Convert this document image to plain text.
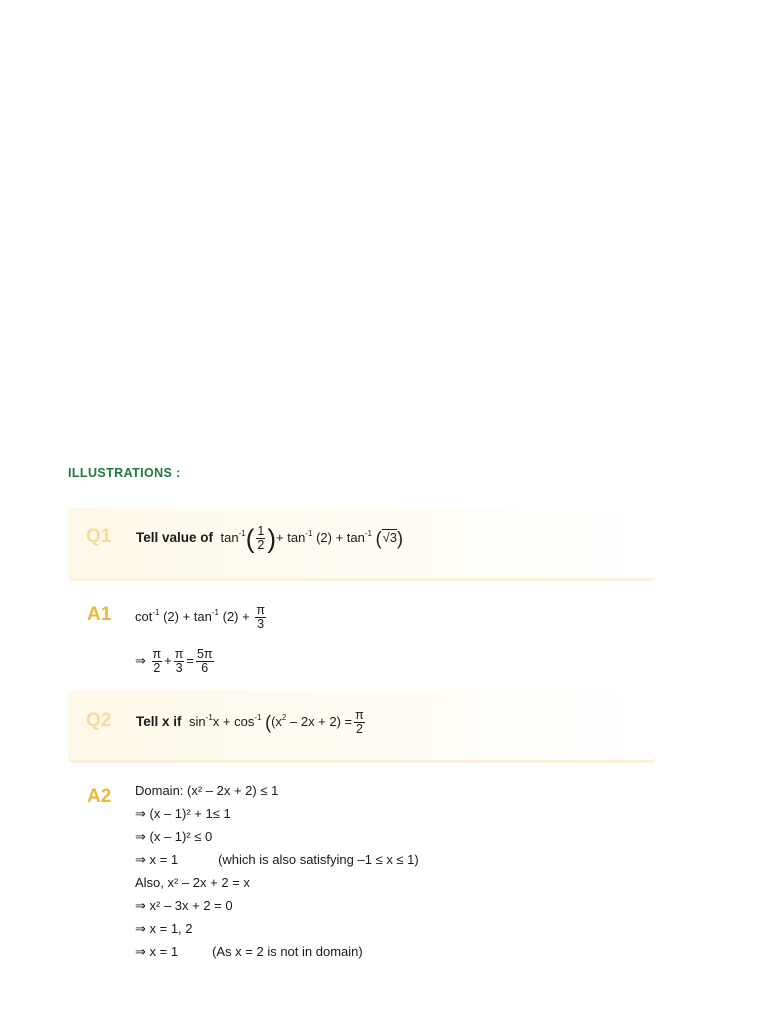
ILLUSTRATIONS :
Q1 Tell value of $\tan^{-1}( \frac{1}{2}$ )+ $\tan^{-1} (2) + \tan^{-1} (√3)$
A1 $\cot^{-1} (2) + \tan^{-1} (2) + \frac{\pi}{3}$
⇒ $\frac{\pi}{2} + \frac{\pi}{3} = \frac{5\pi}{6}$
Q2 Tell x if $\sin^{-1}x + \cos^{-1} ((x^2 - 2x + 2) = \frac{\pi}{2}$
A2 Domain: (x² – 2x + 2) ≤ 1
⇒ (x – 1)² + 1≤ 1
⇒ (x – 1)² ≤ 0
⇒ x = 1	(which is also satisfying –1 ≤ x ≤ 1)
Also, x² – 2x + 2 = x
⇒ x² – 3x + 2 = 0
⇒ x = 1, 2
⇒ x = 1	(As x = 2 is not in domain)
